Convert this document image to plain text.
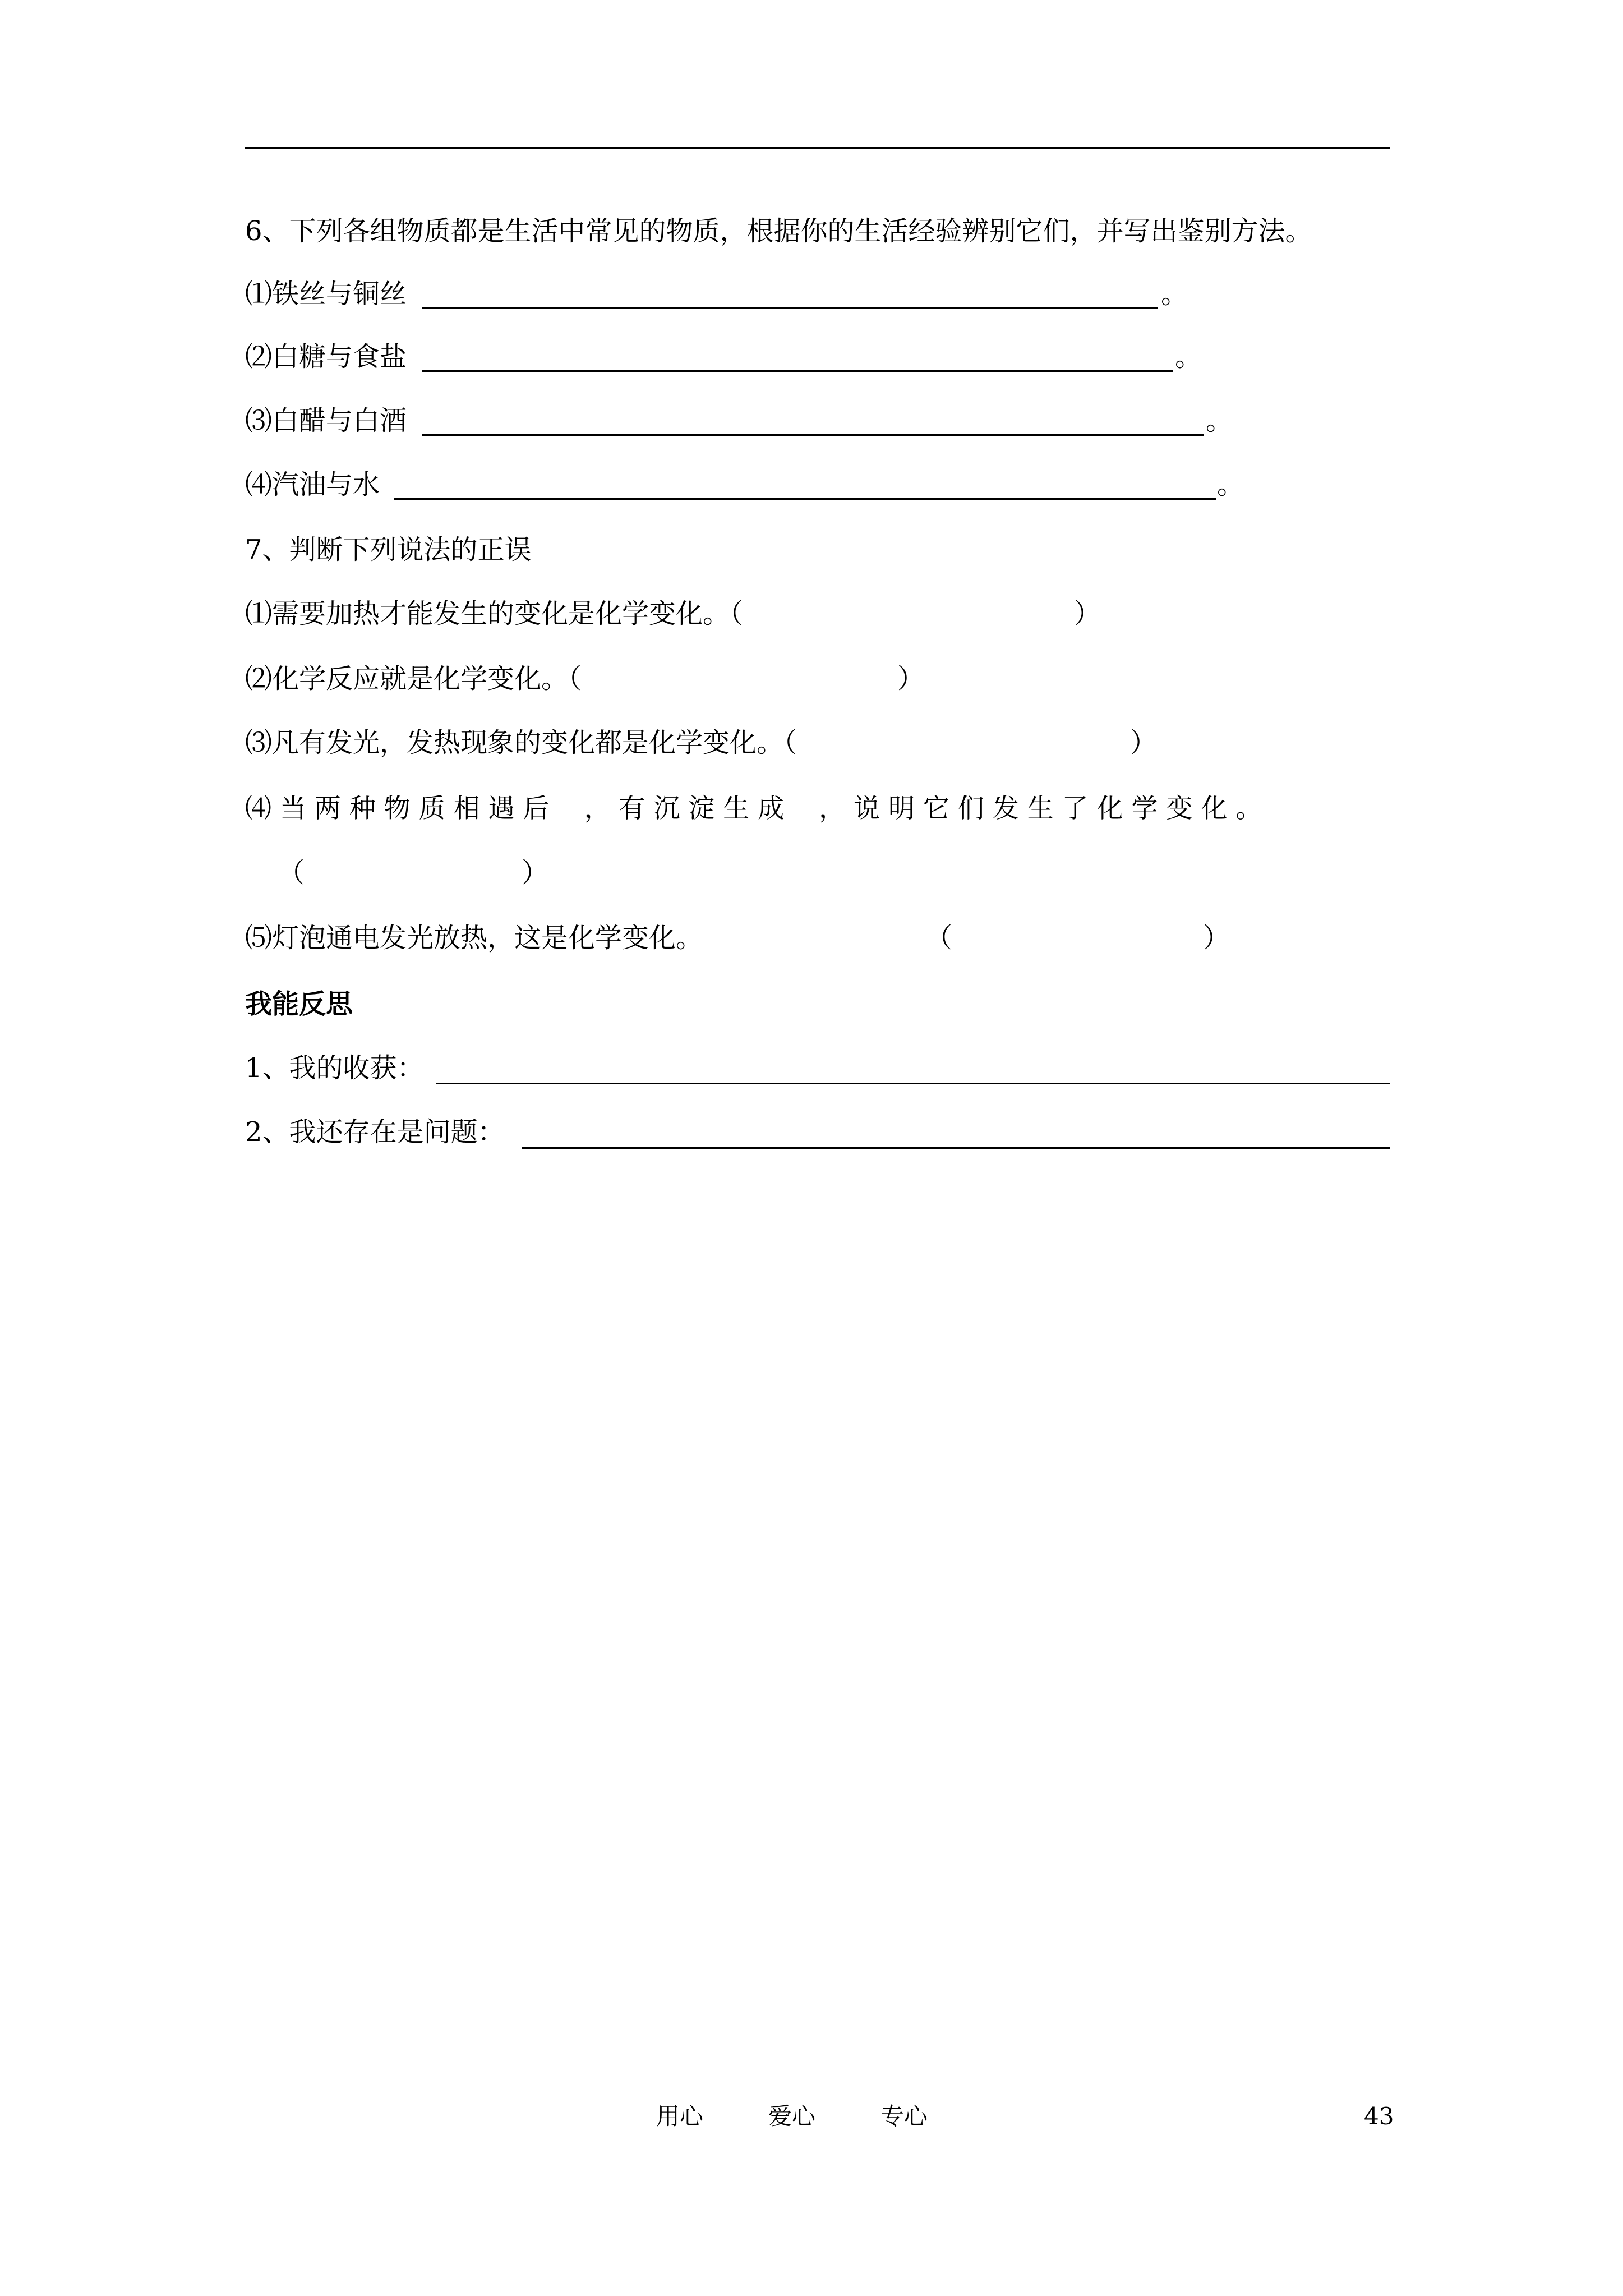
6、下列各组物质都是生活中常见的物质，根据你的生活经验辨别它们，并写出鉴别方法。
⑴铁丝与铜丝	。
⑵白糖与食盐	。
⑶白醋与白酒	。
⑷汽油与水	。
7、判断下列说法的正误
⑴需要加热才能发生的变化是化学变化。（	）
⑵化学反应就是化学变化。（	）
⑶凡有发光，发热现象的变化都是化学变化。（	）
⑷ 当 两 种 物 质 相 遇 后　 ， 有 沉 淀 生 成　 ， 说 明 它 们 发 生 了 化 学 变 化 。
（	）
⑸灯泡通电发光放热，这是化学变化。	（	）
我能反思
1、我的收获：
2、我还存在是问题：
用心	爱心	专心	43
